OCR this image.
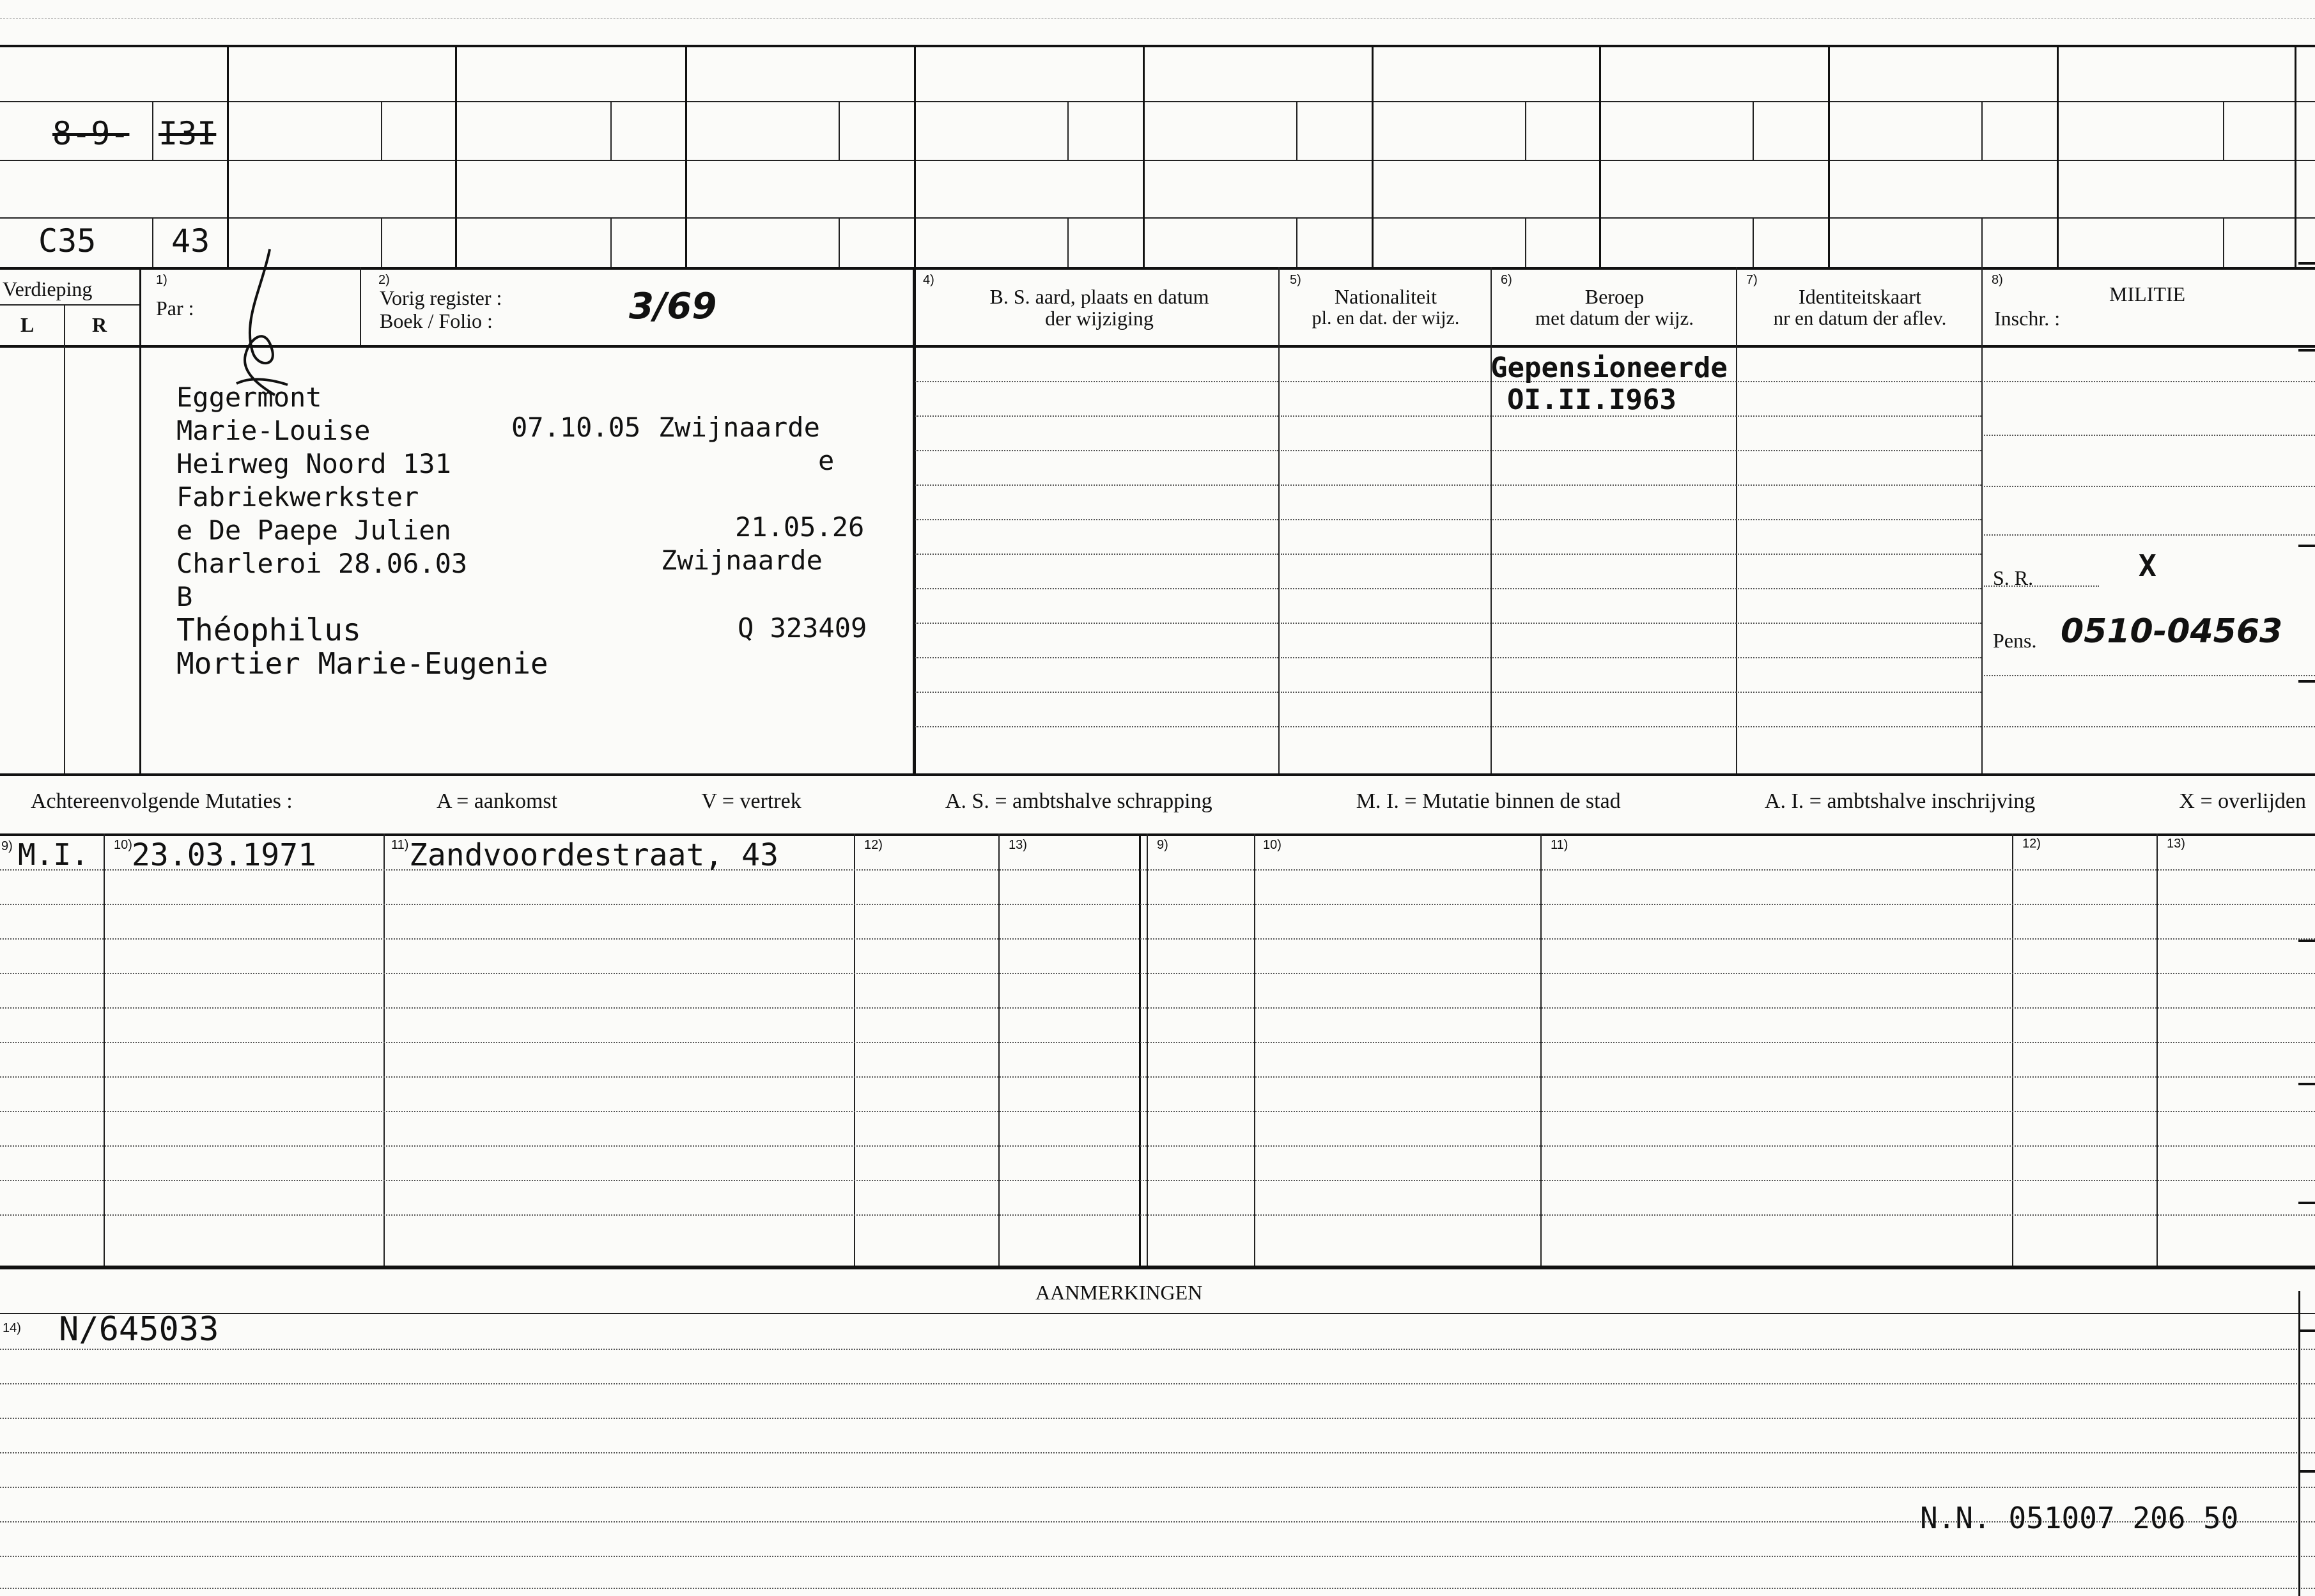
8-9- I3I
C35 43
Verdieping
L	R
1)
Par :
2)
Vorig register :
Boek / Folio :	3/69
4)
B. S. aard, plaats en datum
der wijziging
5)
Nationaliteit
pl. en dat. der wijz.
6)
Beroep
met datum der wijz.
7)
Identiteitskaart
nr en datum der aflev.
8)
MILITIE
Inschr. :
Eggermont
Marie-Louise
Heirweg Noord 131
Fabriekwerkster
e De Paepe Julien
Charleroi 28.06.03
B
Théophilus
Mortier Marie-Eugenie
07.10.05 Zwijnaarde
e
21.05.26
Zwijnaarde
Q 323409
Gepensioneerde
OI.II.I963
S. R.	X
Pens. 0510-04563
Achtereenvolgende Mutaties :	A = aankomst	V = vertrek	A. S. = ambtshalve schrapping	M. I. = Mutatie binnen de stad	A. I. = ambtshalve inschrijving	X = overlijden
9) M.I. 10) 23.03.1971	11) Zandvoordestraat, 43	12)	13)	9)	10)	11)	12)	13)
AANMERKINGEN
14) N/645033
N.N. 051007 206 50
